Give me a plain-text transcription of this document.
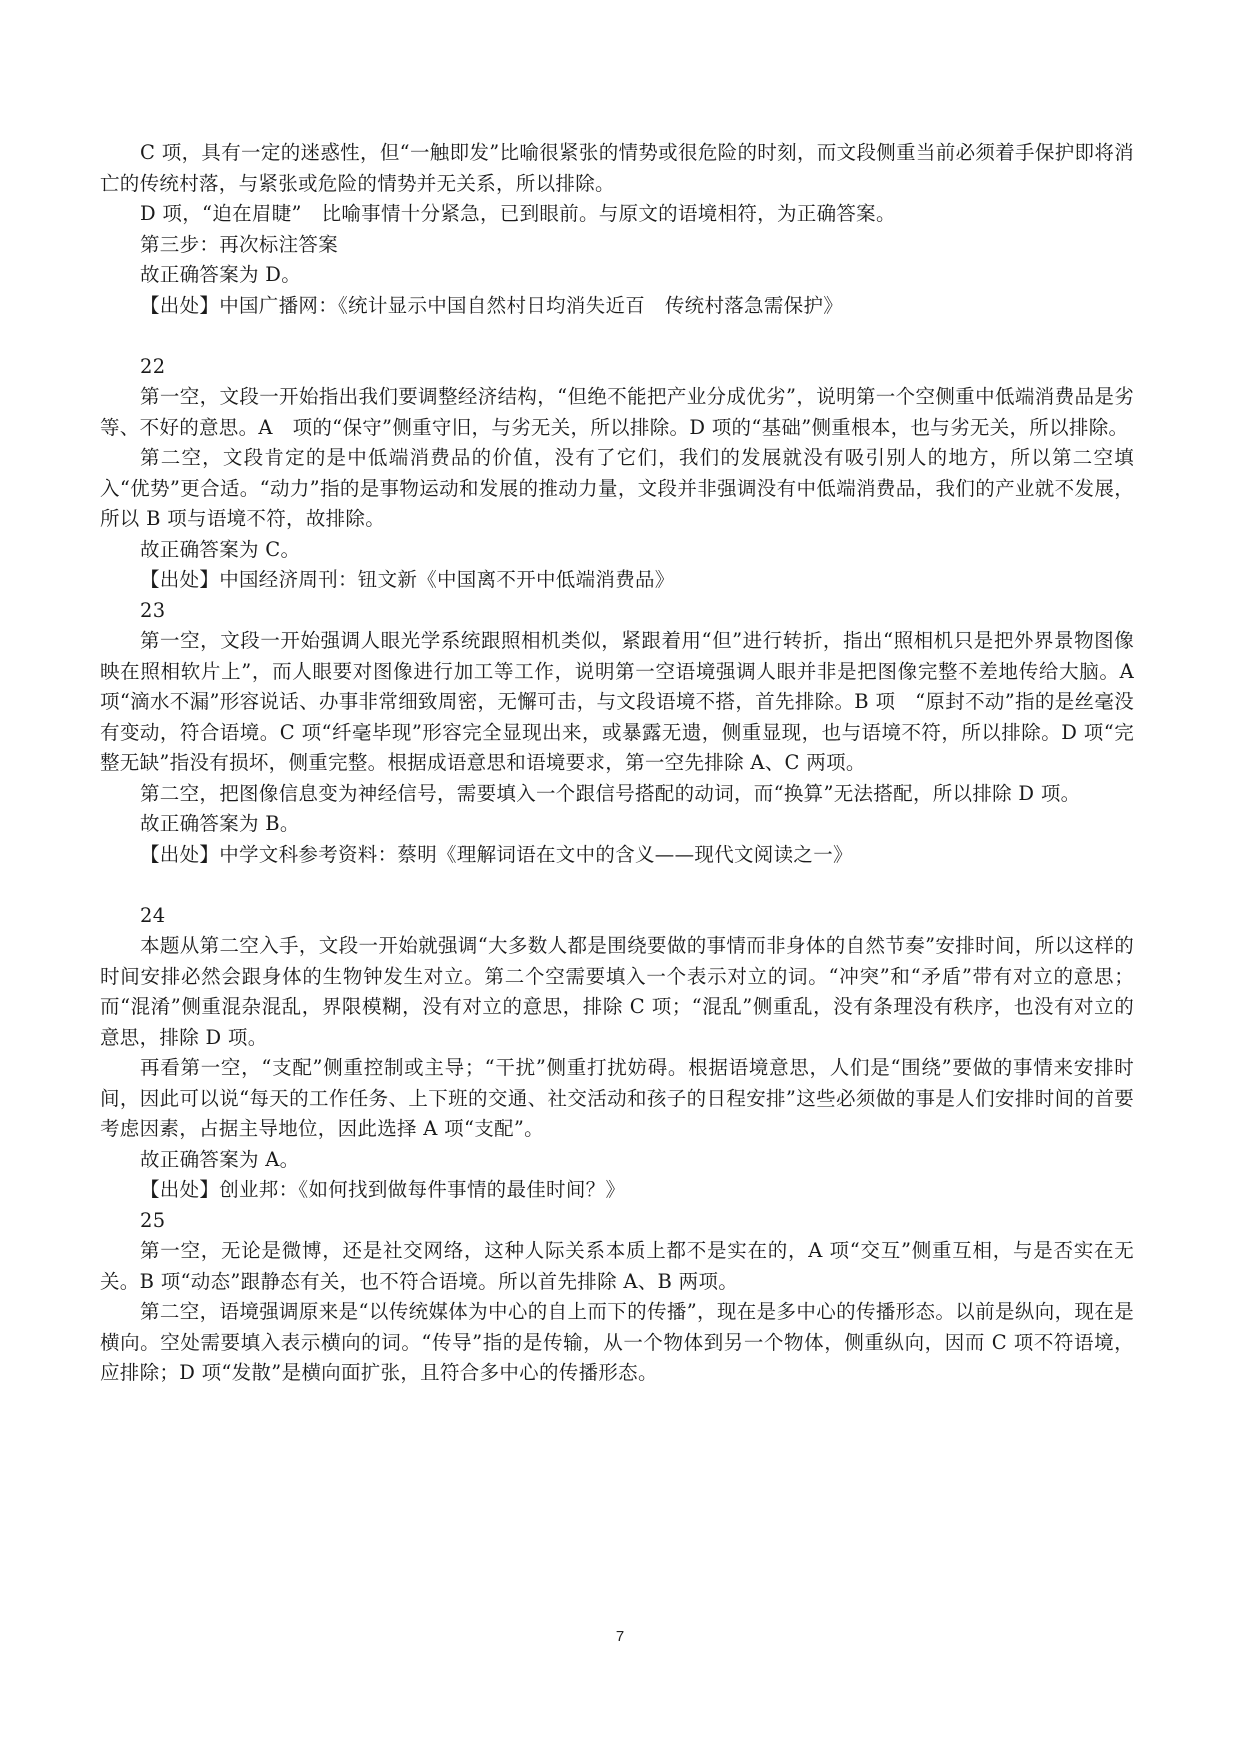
C 项，具有一定的迷惑性，但“一触即发”比喻很紧张的情势或很危险的时刻，而文段侧重当前必须着手保护即将消亡的传统村落，与紧张或危险的情势并无关系，所以排除。

D 项，“迫在眉睫”　比喻事情十分紧急，已到眼前。与原文的语境相符，为正确答案。

第三步：再次标注答案

故正确答案为 D。

【出处】中国广播网：《统计显示中国自然村日均消失近百　传统村落急需保护》

22

第一空，文段一开始指出我们要调整经济结构，“但绝不能把产业分成优劣”，说明第一个空侧重中低端消费品是劣等、不好的意思。A　项的“保守”侧重守旧，与劣无关，所以排除。D 项的“基础”侧重根本，也与劣无关，所以排除。

第二空，文段肯定的是中低端消费品的价值，没有了它们，我们的发展就没有吸引别人的地方，所以第二空填入“优势”更合适。“动力”指的是事物运动和发展的推动力量，文段并非强调没有中低端消费品，我们的产业就不发展，所以 B 项与语境不符，故排除。

故正确答案为 C。

【出处】中国经济周刊：钮文新《中国离不开中低端消费品》

23

第一空，文段一开始强调人眼光学系统跟照相机类似，紧跟着用“但”进行转折，指出“照相机只是把外界景物图像映在照相软片上”，而人眼要对图像进行加工等工作，说明第一空语境强调人眼并非是把图像完整不差地传给大脑。A 项“滴水不漏”形容说话、办事非常细致周密，无懈可击，与文段语境不搭，首先排除。B 项　“原封不动”指的是丝毫没有变动，符合语境。C 项“纤毫毕现”形容完全显现出来，或暴露无遗，侧重显现，也与语境不符，所以排除。D 项“完整无缺”指没有损坏，侧重完整。根据成语意思和语境要求，第一空先排除 A、C 两项。

第二空，把图像信息变为神经信号，需要填入一个跟信号搭配的动词，而“换算”无法搭配，所以排除 D 项。

故正确答案为 B。

【出处】中学文科参考资料：蔡明《理解词语在文中的含义——现代文阅读之一》

24

本题从第二空入手，文段一开始就强调“大多数人都是围绕要做的事情而非身体的自然节奏”安排时间，所以这样的时间安排必然会跟身体的生物钟发生对立。第二个空需要填入一个表示对立的词。“冲突”和“矛盾”带有对立的意思；而“混淆”侧重混杂混乱，界限模糊，没有对立的意思，排除 C 项；“混乱”侧重乱，没有条理没有秩序，也没有对立的意思，排除 D 项。

再看第一空，“支配”侧重控制或主导；“干扰”侧重打扰妨碍。根据语境意思，人们是“围绕”要做的事情来安排时间，因此可以说“每天的工作任务、上下班的交通、社交活动和孩子的日程安排”这些必须做的事是人们安排时间的首要考虑因素，占据主导地位，因此选择 A 项“支配”。

故正确答案为 A。

【出处】创业邦：《如何找到做每件事情的最佳时间？》

25

第一空，无论是微博，还是社交网络，这种人际关系本质上都不是实在的，A 项“交互”侧重互相，与是否实在无关。B 项“动态”跟静态有关，也不符合语境。所以首先排除 A、B 两项。

第二空，语境强调原来是“以传统媒体为中心的自上而下的传播”，现在是多中心的传播形态。以前是纵向，现在是横向。空处需要填入表示横向的词。“传导”指的是传输，从一个物体到另一个物体，侧重纵向，因而 C 项不符语境，应排除；D 项“发散”是横向面扩张，且符合多中心的传播形态。

7
